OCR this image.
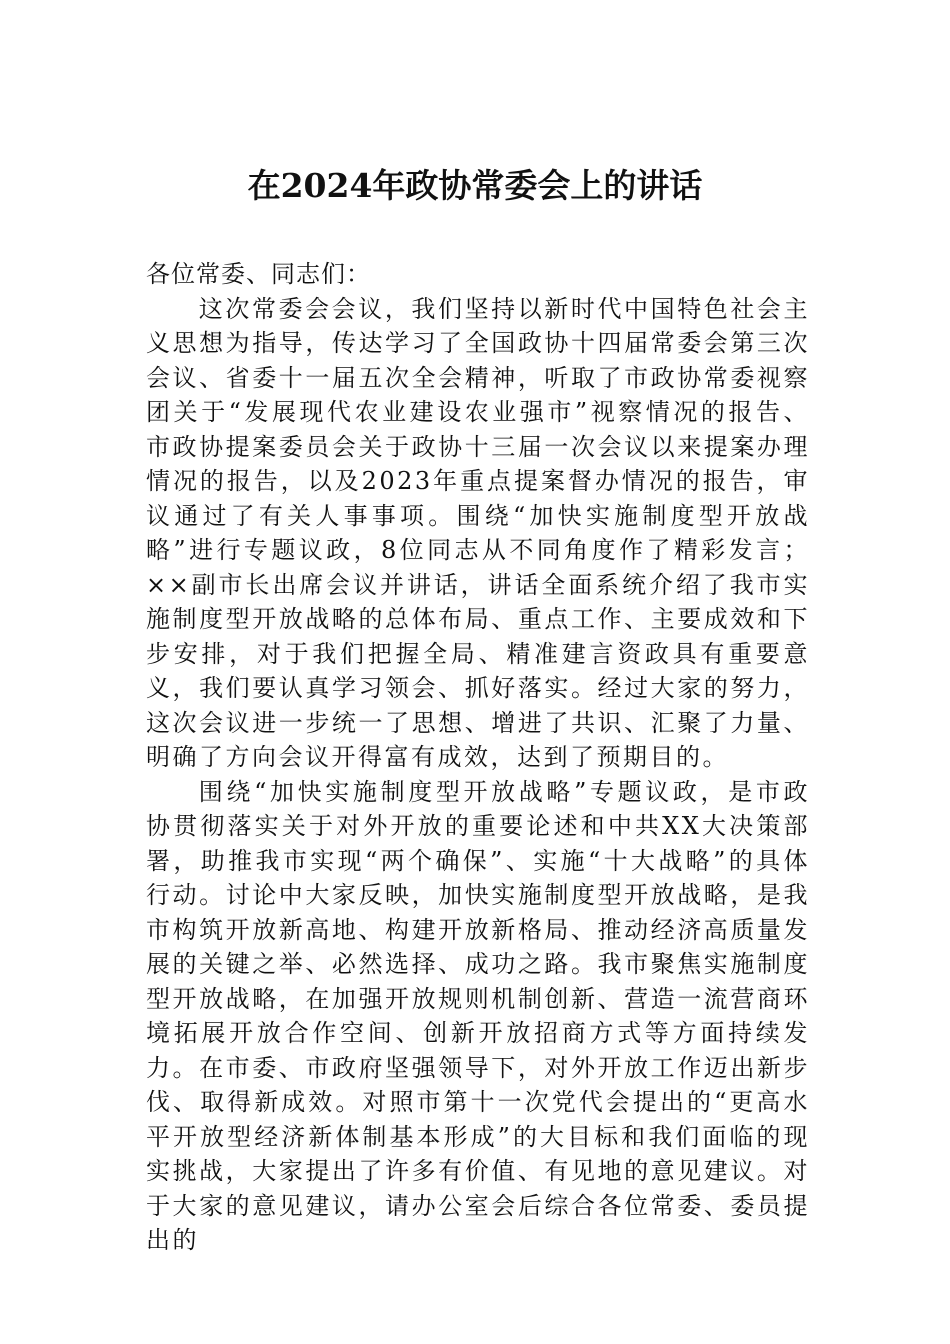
在2024年政协常委会上的讲话

各位常委、同志们：

这次常委会会议，我们坚持以新时代中国特色社会主义思想为指导，传达学习了全国政协十四届常委会第三次会议、省委十一届五次全会精神，听取了市政协常委视察团关于“发展现代农业建设农业强市”视察情况的报告、市政协提案委员会关于政协十三届一次会议以来提案办理情况的报告，以及2023年重点提案督办情况的报告，审议通过了有关人事事项。围绕“加快实施制度型开放战略”进行专题议政，8位同志从不同角度作了精彩发言；××副市长出席会议并讲话，讲话全面系统介绍了我市实施制度型开放战略的总体布局、重点工作、主要成效和下步安排，对于我们把握全局、精准建言资政具有重要意义，我们要认真学习领会、抓好落实。经过大家的努力，这次会议进一步统一了思想、增进了共识、汇聚了力量、明确了方向会议开得富有成效，达到了预期目的。

围绕“加快实施制度型开放战略”专题议政，是市政协贯彻落实关于对外开放的重要论述和中共XX大决策部署，助推我市实现“两个确保”、实施“十大战略”的具体行动。讨论中大家反映，加快实施制度型开放战略，是我市构筑开放新高地、构建开放新格局、推动经济高质量发展的关键之举、必然选择、成功之路。我市聚焦实施制度型开放战略，在加强开放规则机制创新、营造一流营商环境拓展开放合作空间、创新开放招商方式等方面持续发力。在市委、市政府坚强领导下，对外开放工作迈出新步伐、取得新成效。对照市第十一次党代会提出的“更高水平开放型经济新体制基本形成”的大目标和我们面临的现实挑战，大家提出了许多有价值、有见地的意见建议。对于大家的意见建议，请办公室会后综合各位常委、委员提出的
